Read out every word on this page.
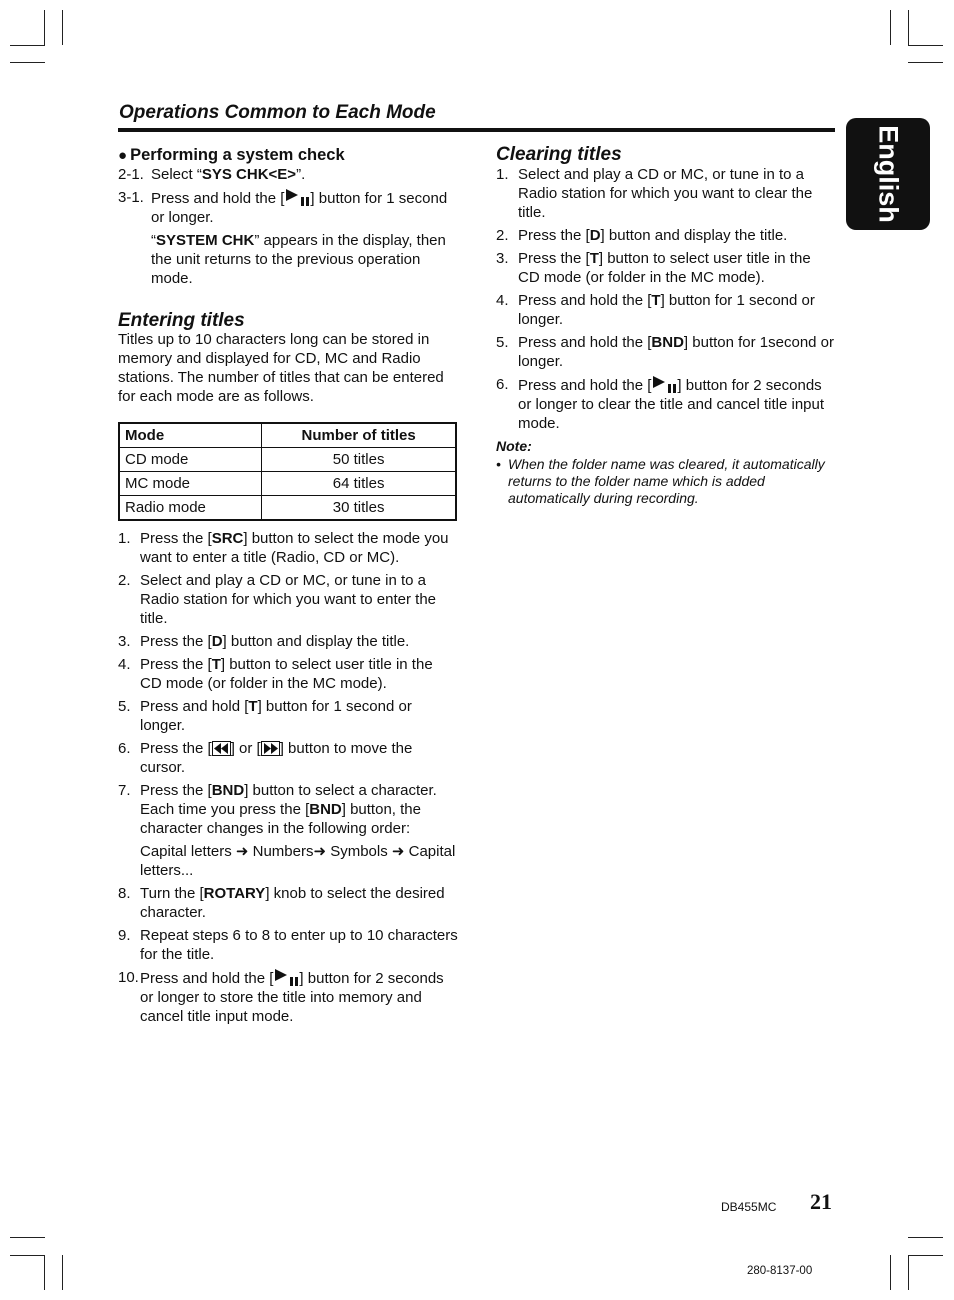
Operations Common to Each Mode
English

● Performing a system check

2-1. Select “SYS CHK<E>”.
3-1. Press and hold the [ ] button for 1 second or longer.

“SYSTEM CHK” appears in the display, then the unit returns to the previous operation mode.

Entering titles

Titles up to 10 characters long can be stored in memory and displayed for CD, MC and Radio stations. The number of titles that can be entered for each mode are as follows.

Mode	Number of titles
CD mode	50 titles
MC mode	64 titles
Radio mode	30 titles
1. Press the [SRC] button to select the mode you want to enter a title (Radio, CD or MC).
2. Select and play a CD or MC, or tune in to a Radio station for which you want to enter the title.
3. Press the [D] button and display the title.
4. Press the [T] button to select user title in the CD mode (or folder in the MC mode).
5. Press and hold [T] button for 1 second or longer.
6. Press the [ ] or [ ] button to move the cursor.
7. Press the [BND] button to select a character. Each time you press the [BND] button, the character changes in the following order:

Capital letters ➜ Numbers➜ Symbols ➜ Capital letters...

8. Turn the [ROTARY] knob to select the desired character.
9. Repeat steps 6 to 8 to enter up to 10 characters for the title.
10. Press and hold the [ ] button for 2 seconds or longer to store the title into memory and cancel title input mode.

Clearing titles

1. Select and play a CD or MC, or tune in to a Radio station for which you want to clear the title.
2. Press the [D] button and display the title.
3. Press the [T] button to select user title in the CD mode (or folder in the MC mode).
4. Press and hold the [T] button for 1 second or longer.
5. Press and hold the [BND] button for 1second or longer.
6. Press and hold the [ ] button for 2 seconds or longer to clear the title and cancel title input mode.
Note:
• When the folder name was cleared, it automatically returns to the folder name which is added automatically during recording.
DB455MC 21
280-8137-00
